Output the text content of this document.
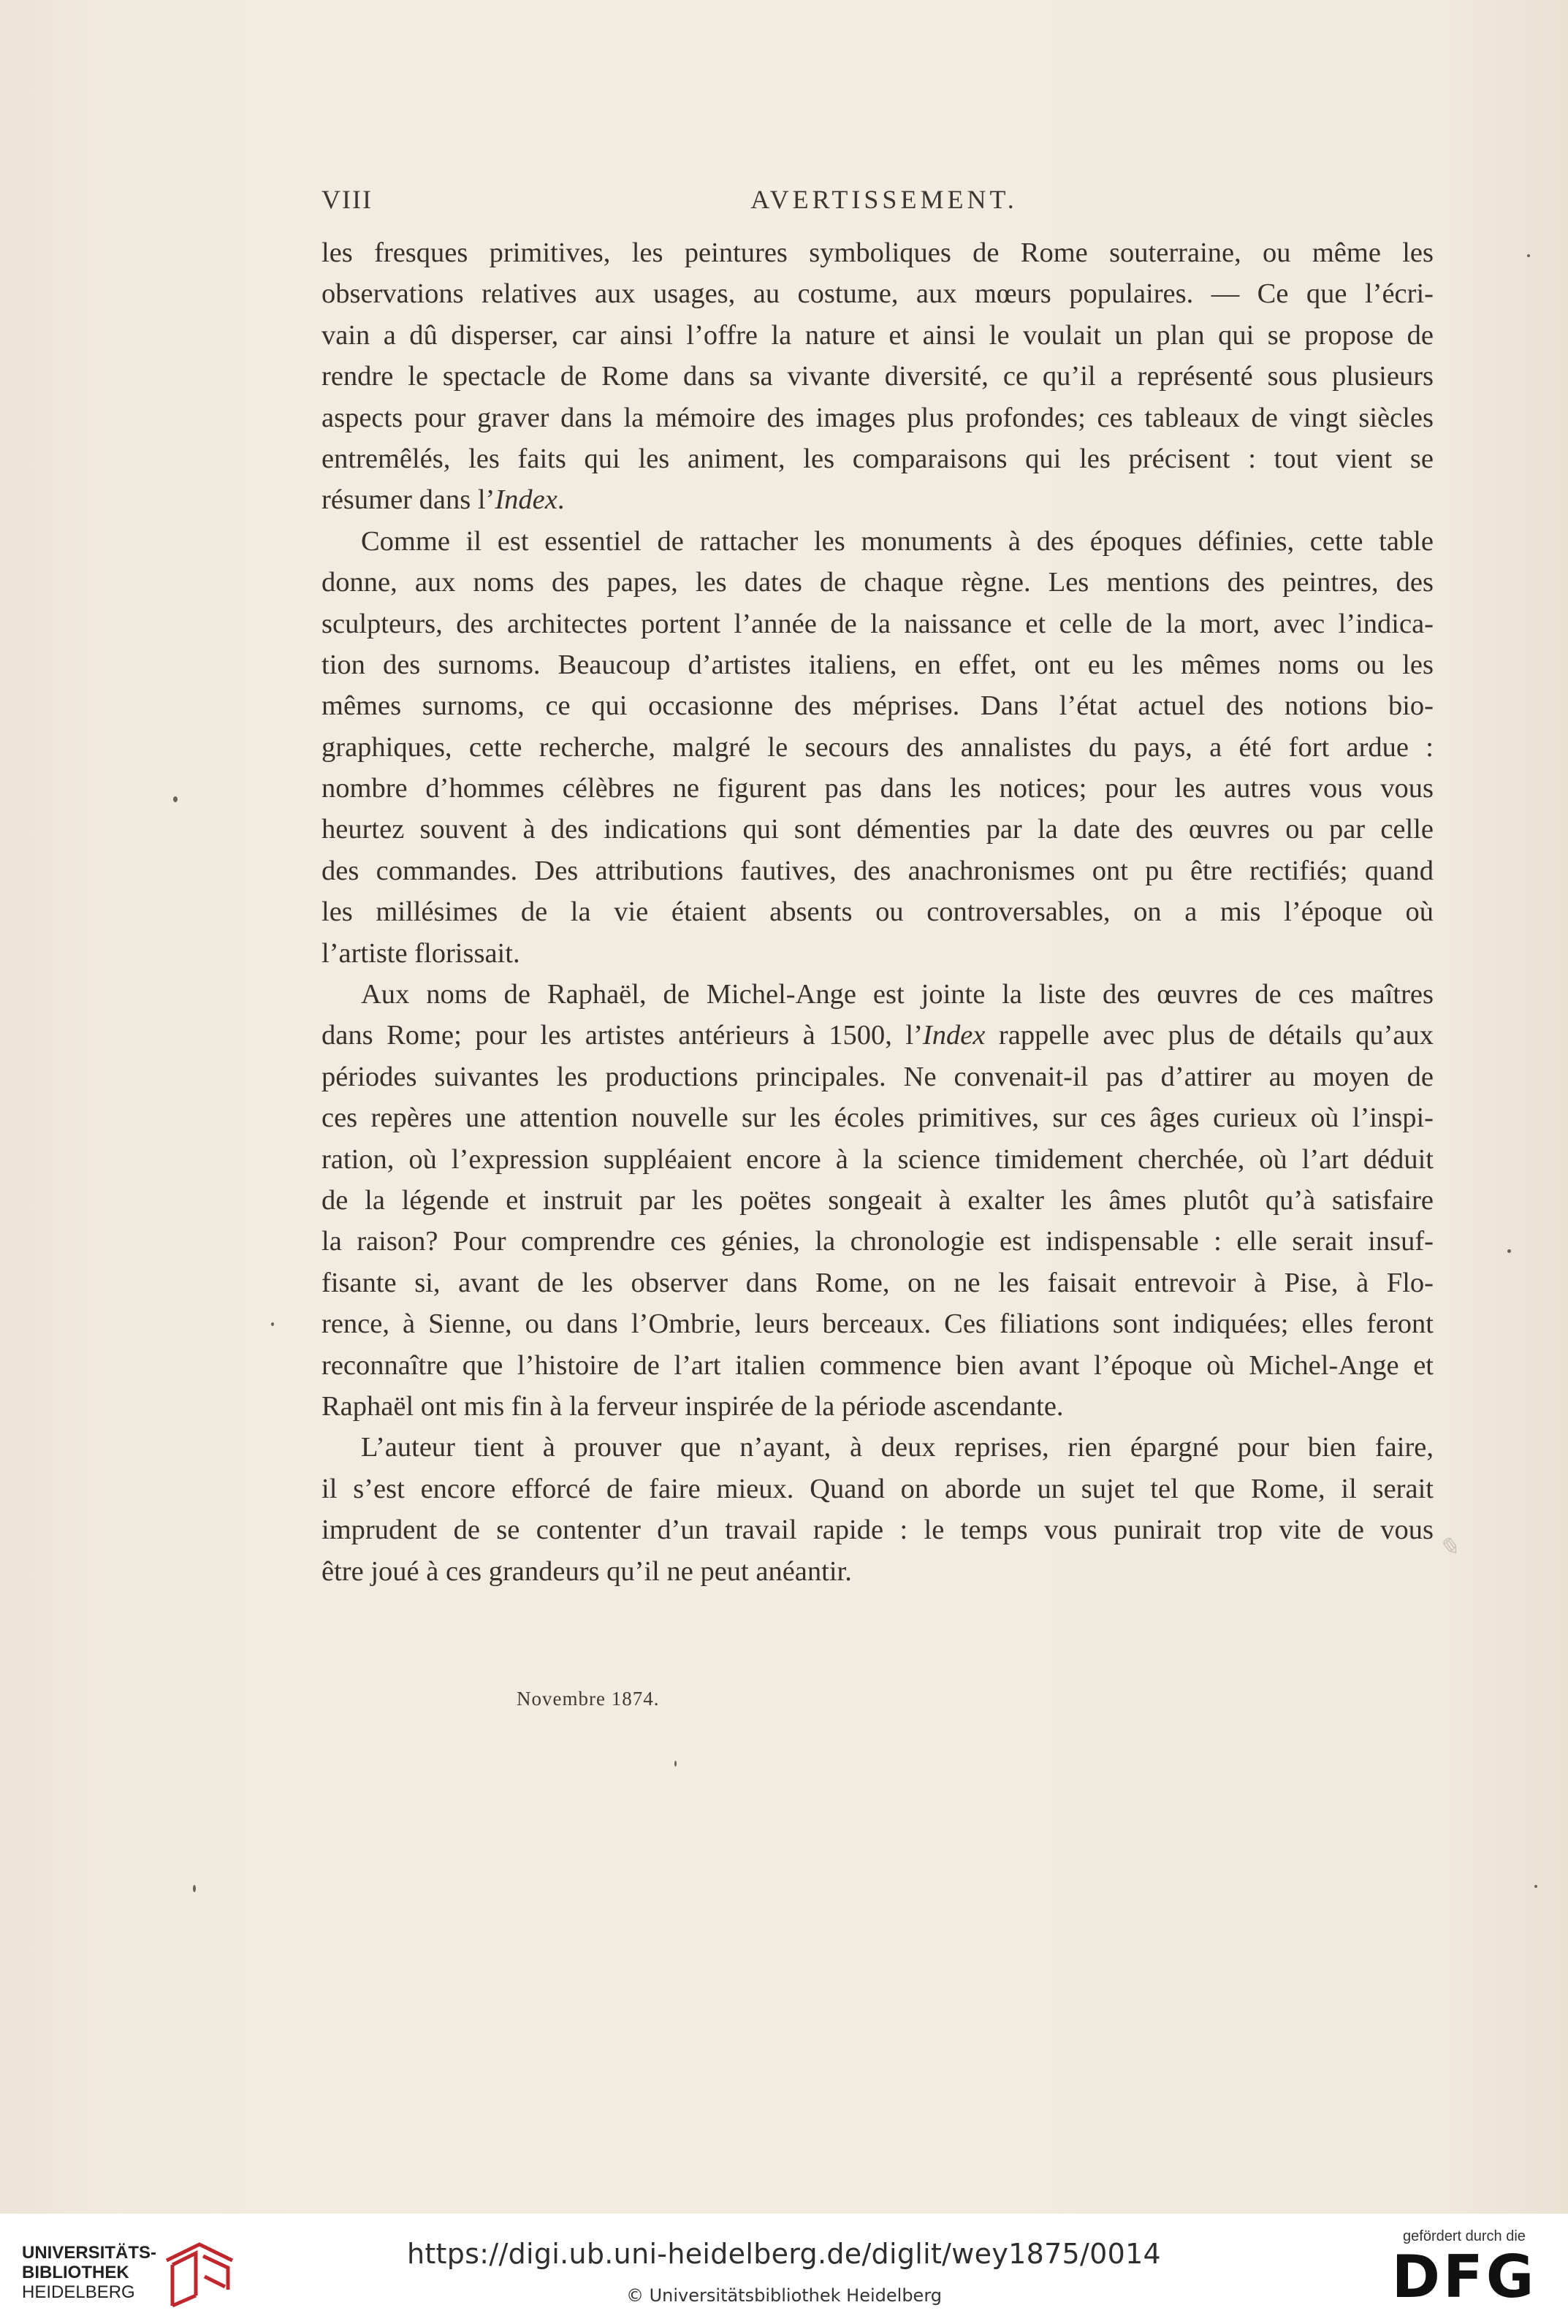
VIII	AVERTISSEMENT.
les fresques primitives, les peintures symboliques de Rome souterraine, ou même les
observations relatives aux usages, au costume, aux mœurs populaires. — Ce que l’écri-
vain a dû disperser, car ainsi l’offre la nature et ainsi le voulait un plan qui se propose de
rendre le spectacle de Rome dans sa vivante diversité, ce qu’il a représenté sous plusieurs
aspects pour graver dans la mémoire des images plus profondes; ces tableaux de vingt siècles
entremêlés, les faits qui les animent, les comparaisons qui les précisent : tout vient se
résumer dans l’Index.
Comme il est essentiel de rattacher les monuments à des époques définies, cette table
donne, aux noms des papes, les dates de chaque règne. Les mentions des peintres, des
sculpteurs, des architectes portent l’année de la naissance et celle de la mort, avec l’indica-
tion des surnoms. Beaucoup d’artistes italiens, en effet, ont eu les mêmes noms ou les
mêmes surnoms, ce qui occasionne des méprises. Dans l’état actuel des notions bio-
graphiques, cette recherche, malgré le secours des annalistes du pays, a été fort ardue :
nombre d’hommes célèbres ne figurent pas dans les notices; pour les autres vous vous
heurtez souvent à des indications qui sont démenties par la date des œuvres ou par celle
des commandes. Des attributions fautives, des anachronismes ont pu être rectifiés; quand
les millésimes de la vie étaient absents ou controversables, on a mis l’époque où
l’artiste florissait.
Aux noms de Raphaël, de Michel-Ange est jointe la liste des œuvres de ces maîtres
dans Rome; pour les artistes antérieurs à 1500, l’Index rappelle avec plus de détails qu’aux
périodes suivantes les productions principales. Ne convenait-il pas d’attirer au moyen de
ces repères une attention nouvelle sur les écoles primitives, sur ces âges curieux où l’inspi-
ration, où l’expression suppléaient encore à la science timidement cherchée, où l’art déduit
de la légende et instruit par les poëtes songeait à exalter les âmes plutôt qu’à satisfaire
la raison? Pour comprendre ces génies, la chronologie est indispensable : elle serait insuf-
fisante si, avant de les observer dans Rome, on ne les faisait entrevoir à Pise, à Flo-
rence, à Sienne, ou dans l’Ombrie, leurs berceaux. Ces filiations sont indiquées; elles feront
reconnaître que l’histoire de l’art italien commence bien avant l’époque où Michel-Ange et
Raphaël ont mis fin à la ferveur inspirée de la période ascendante.
L’auteur tient à prouver que n’ayant, à deux reprises, rien épargné pour bien faire,
il s’est encore efforcé de faire mieux. Quand on aborde un sujet tel que Rome, il serait
imprudent de se contenter d’un travail rapide : le temps vous punirait trop vite de vous
être joué à ces grandeurs qu’il ne peut anéantir.
Novembre 1874.
✎
UNIVERSITÄTS-
BIBLIOTHEK
HEIDELBERG
https://digi.ub.uni-heidelberg.de/diglit/wey1875/0014
© Universitätsbibliothek Heidelberg
gefördert durch die
DFG
